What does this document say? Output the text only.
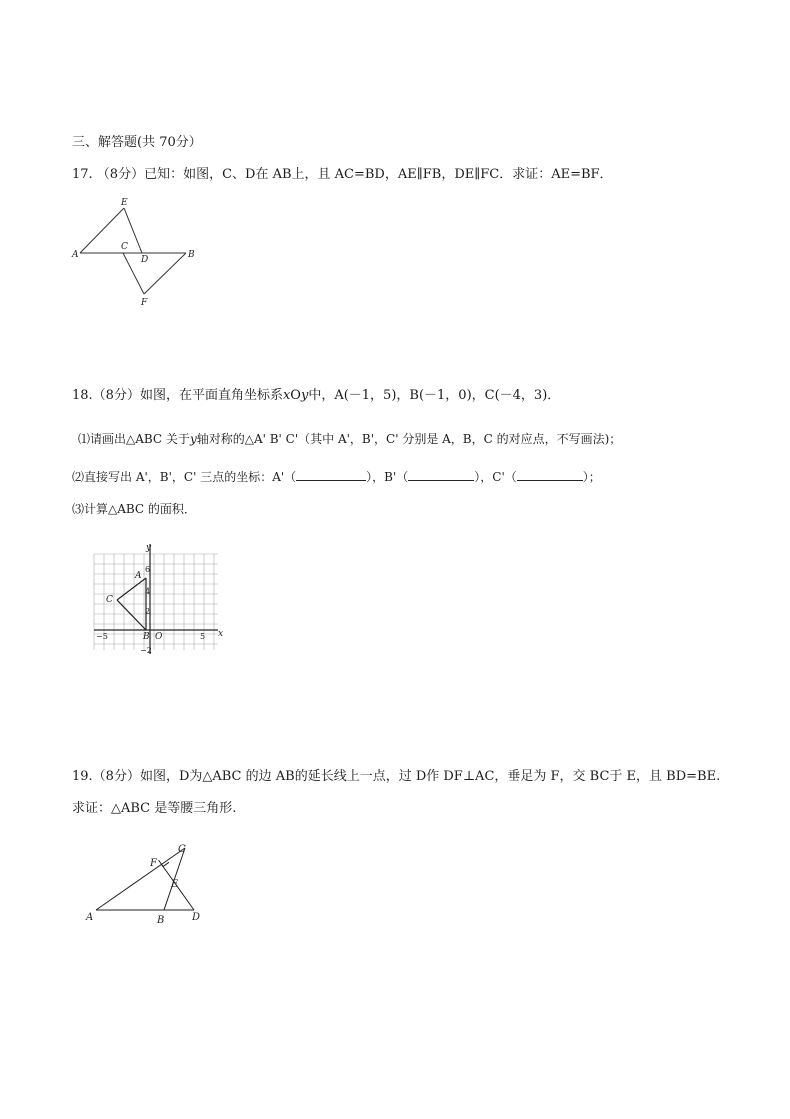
三、解答题(共 70分）
17. （8分）已知：如图，C、D在 AB上，且 AC=BD，AE∥FB，DE∥FC．求证：AE=BF．
E
A
C
D	B
F
18.（8分）如图，在平面直角坐标系xOy中，A(－1，5)，B(－1，0)，C(－4，3)．
⑴请画出△ABC 关于y轴对称的△A' B' C'（其中 A'，B'，C' 分别是 A，B，C 的对应点，不写画法)；
⑵直接写出 A'，B'，C' 三点的坐标：A'（	），B'（	），C'（	）；
⑶计算△ABC 的面积．
y
x
O
A
B
C
6
4
2
−2
−5	5
19.（8分）如图，D为△ABC 的边 AB的延长线上一点，过 D作 DF⊥AC，垂足为 F，交 BC于 E，且 BD=BE.
求证：△ABC 是等腰三角形.
C
F
E
A	B	D
